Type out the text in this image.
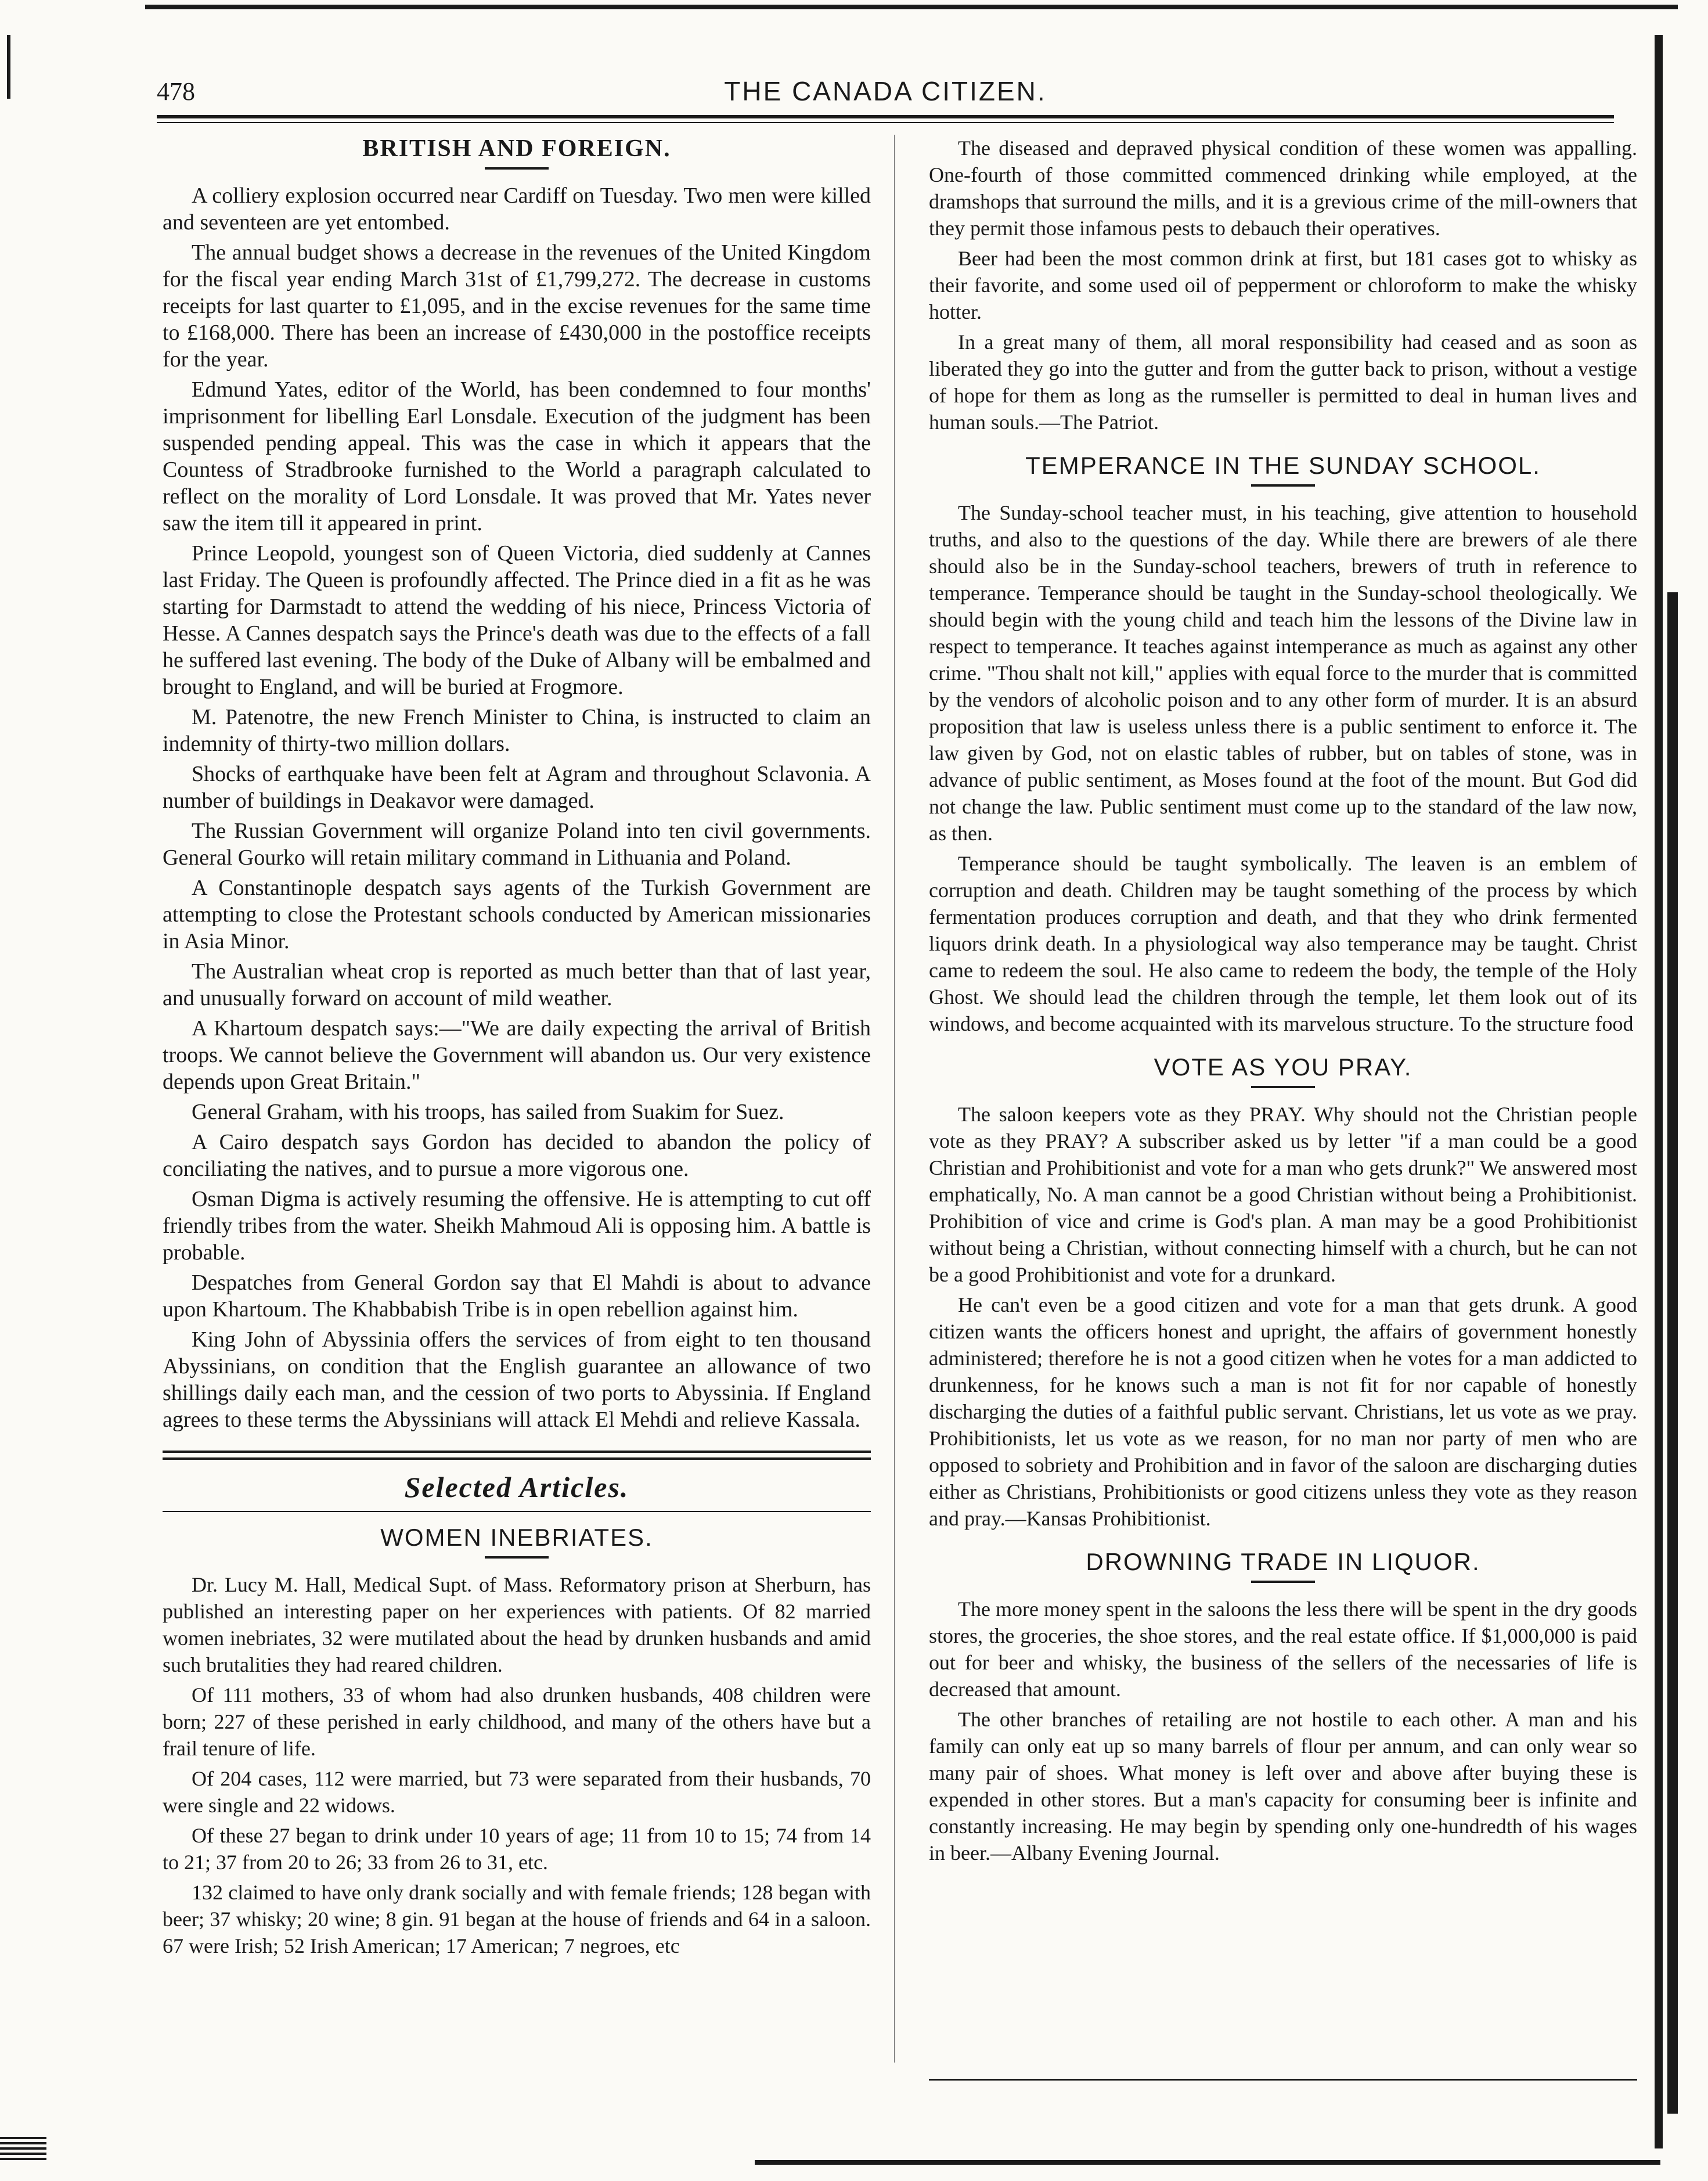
478	THE CANADA CITIZEN.
BRITISH AND FOREIGN.

A colliery explosion occurred near Cardiff on Tuesday. Two men were killed and seventeen are yet entombed.

The annual budget shows a decrease in the revenues of the United Kingdom for the fiscal year ending March 31st of £1,799,272. The decrease in customs receipts for last quarter to £1,095, and in the excise revenues for the same time to £168,000. There has been an increase of £430,000 in the postoffice receipts for the year.

Edmund Yates, editor of the World, has been condemned to four months' imprisonment for libelling Earl Lonsdale. Execution of the judgment has been suspended pending appeal. This was the case in which it appears that the Countess of Stradbrooke furnished to the World a paragraph calculated to reflect on the morality of Lord Lonsdale. It was proved that Mr. Yates never saw the item till it appeared in print.

Prince Leopold, youngest son of Queen Victoria, died suddenly at Cannes last Friday. The Queen is profoundly affected. The Prince died in a fit as he was starting for Darmstadt to attend the wedding of his niece, Princess Victoria of Hesse. A Cannes despatch says the Prince's death was due to the effects of a fall he suffered last evening. The body of the Duke of Albany will be embalmed and brought to England, and will be buried at Frogmore.

M. Patenotre, the new French Minister to China, is instructed to claim an indemnity of thirty-two million dollars.

Shocks of earthquake have been felt at Agram and throughout Sclavonia. A number of buildings in Deakavor were damaged.

The Russian Government will organize Poland into ten civil governments. General Gourko will retain military command in Lithuania and Poland.

A Constantinople despatch says agents of the Turkish Government are attempting to close the Protestant schools conducted by American missionaries in Asia Minor.

The Australian wheat crop is reported as much better than that of last year, and unusually forward on account of mild weather.

A Khartoum despatch says:—"We are daily expecting the arrival of British troops. We cannot believe the Government will abandon us. Our very existence depends upon Great Britain."

General Graham, with his troops, has sailed from Suakim for Suez.

A Cairo despatch says Gordon has decided to abandon the policy of conciliating the natives, and to pursue a more vigorous one.

Osman Digma is actively resuming the offensive. He is attempting to cut off friendly tribes from the water. Sheikh Mahmoud Ali is opposing him. A battle is probable.

Despatches from General Gordon say that El Mahdi is about to advance upon Khartoum. The Khabbabish Tribe is in open rebellion against him.

King John of Abyssinia offers the services of from eight to ten thousand Abyssinians, on condition that the English guarantee an allowance of two shillings daily each man, and the cession of two ports to Abyssinia. If England agrees to these terms the Abyssinians will attack El Mehdi and relieve Kassala.

Selected Articles.
WOMEN INEBRIATES.

Dr. Lucy M. Hall, Medical Supt. of Mass. Reformatory prison at Sherburn, has published an interesting paper on her experiences with patients. Of 82 married women inebriates, 32 were mutilated about the head by drunken husbands and amid such brutalities they had reared children.

Of 111 mothers, 33 of whom had also drunken husbands, 408 children were born; 227 of these perished in early childhood, and many of the others have but a frail tenure of life.

Of 204 cases, 112 were married, but 73 were separated from their husbands, 70 were single and 22 widows.

Of these 27 began to drink under 10 years of age; 11 from 10 to 15; 74 from 14 to 21; 37 from 20 to 26; 33 from 26 to 31, etc.

132 claimed to have only drank socially and with female friends; 128 began with beer; 37 whisky; 20 wine; 8 gin. 91 began at the house of friends and 64 in a saloon. 67 were Irish; 52 Irish American; 17 American; 7 negroes, etc

The diseased and depraved physical condition of these women was appalling. One-fourth of those committed commenced drinking while employed, at the dramshops that surround the mills, and it is a grevious crime of the mill-owners that they permit those infamous pests to debauch their operatives.

Beer had been the most common drink at first, but 181 cases got to whisky as their favorite, and some used oil of pepperment or chloroform to make the whisky hotter.

In a great many of them, all moral responsibility had ceased and as soon as liberated they go into the gutter and from the gutter back to prison, without a vestige of hope for them as long as the rumseller is permitted to deal in human lives and human souls.—The Patriot.

TEMPERANCE IN THE SUNDAY SCHOOL.

The Sunday-school teacher must, in his teaching, give attention to household truths, and also to the questions of the day. While there are brewers of ale there should also be in the Sunday-school teachers, brewers of truth in reference to temperance. Temperance should be taught in the Sunday-school theologically. We should begin with the young child and teach him the lessons of the Divine law in respect to temperance. It teaches against intemperance as much as against any other crime. "Thou shalt not kill," applies with equal force to the murder that is committed by the vendors of alcoholic poison and to any other form of murder. It is an absurd proposition that law is useless unless there is a public sentiment to enforce it. The law given by God, not on elastic tables of rubber, but on tables of stone, was in advance of public sentiment, as Moses found at the foot of the mount. But God did not change the law. Public sentiment must come up to the standard of the law now, as then.

Temperance should be taught symbolically. The leaven is an emblem of corruption and death. Children may be taught something of the process by which fermentation produces corruption and death, and that they who drink fermented liquors drink death. In a physiological way also temperance may be taught. Christ came to redeem the soul. He also came to redeem the body, the temple of the Holy Ghost. We should lead the children through the temple, let them look out of its windows, and become acquainted with its marvelous structure. To the structure food

VOTE AS YOU PRAY.

The saloon keepers vote as they PRAY. Why should not the Christian people vote as they PRAY? A subscriber asked us by letter "if a man could be a good Christian and Prohibitionist and vote for a man who gets drunk?" We answered most emphatically, No. A man cannot be a good Christian without being a Prohibitionist. Prohibition of vice and crime is God's plan. A man may be a good Prohibitionist without being a Christian, without connecting himself with a church, but he can not be a good Prohibitionist and vote for a drunkard.

He can't even be a good citizen and vote for a man that gets drunk. A good citizen wants the officers honest and upright, the affairs of government honestly administered; therefore he is not a good citizen when he votes for a man addicted to drunkenness, for he knows such a man is not fit for nor capable of honestly discharging the duties of a faithful public servant. Christians, let us vote as we pray. Prohibitionists, let us vote as we reason, for no man nor party of men who are opposed to sobriety and Prohibition and in favor of the saloon are discharging duties either as Christians, Prohibitionists or good citizens unless they vote as they reason and pray.—Kansas Prohibitionist.

DROWNING TRADE IN LIQUOR.

The more money spent in the saloons the less there will be spent in the dry goods stores, the groceries, the shoe stores, and the real estate office. If $1,000,000 is paid out for beer and whisky, the business of the sellers of the necessaries of life is decreased that amount.

The other branches of retailing are not hostile to each other. A man and his family can only eat up so many barrels of flour per annum, and can only wear so many pair of shoes. What money is left over and above after buying these is expended in other stores. But a man's capacity for consuming beer is infinite and constantly increasing. He may begin by spending only one-hundredth of his wages in beer.—Albany Evening Journal.
